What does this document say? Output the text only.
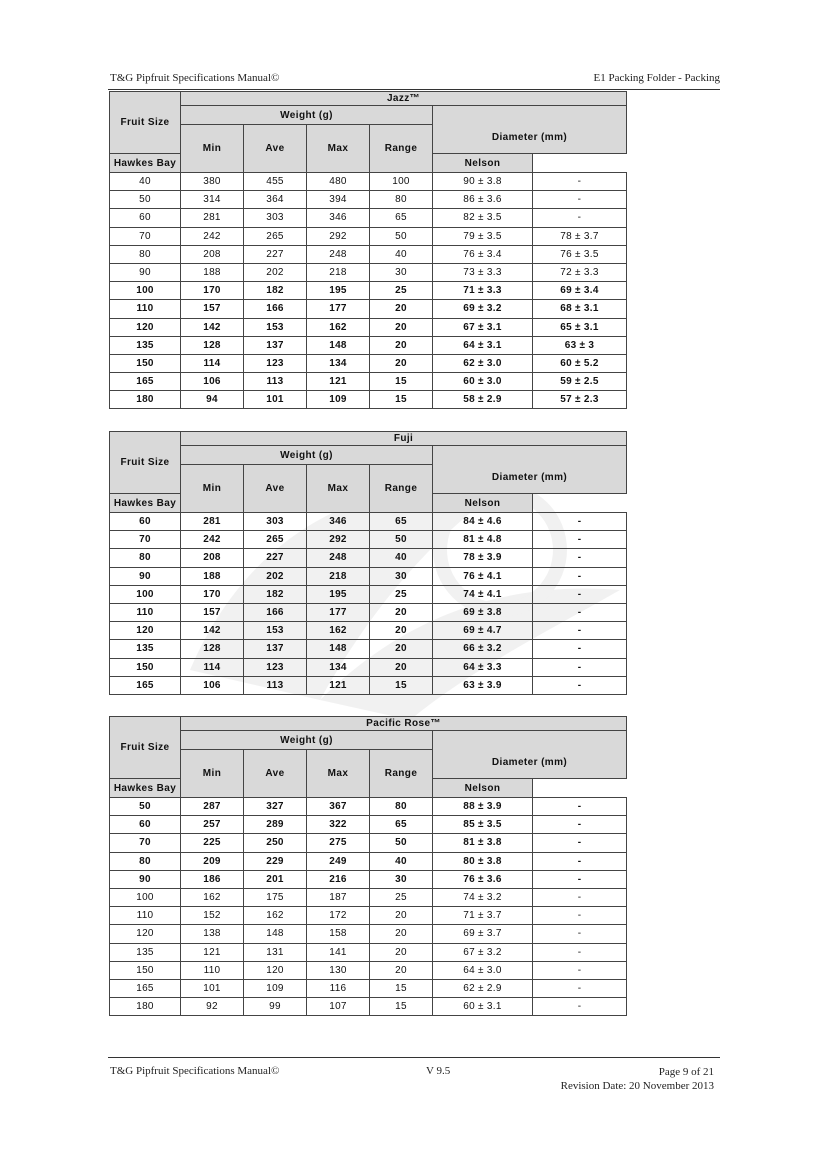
T&G Pipfruit Specifications Manual©	E1 Packing Folder - Packing
Fruit Size	Jazz™					
	Weight (g)				Diameter (mm)	
	Min	Ave	Max	Range		
Hawkes Bay					Nelson	
40	380	455	480	100	90 ± 3.8	-
50	314	364	394	80	86 ± 3.6	-
60	281	303	346	65	82 ± 3.5	-
70	242	265	292	50	79 ± 3.5	78 ± 3.7
80	208	227	248	40	76 ± 3.4	76 ± 3.5
90	188	202	218	30	73 ± 3.3	72 ± 3.3
100	170	182	195	25	71 ± 3.3	69 ± 3.4
110	157	166	177	20	69 ± 3.2	68 ± 3.1
120	142	153	162	20	67 ± 3.1	65 ± 3.1
135	128	137	148	20	64 ± 3.1	63 ± 3
150	114	123	134	20	62 ± 3.0	60 ± 5.2
165	106	113	121	15	60 ± 3.0	59 ± 2.5
180	94	101	109	15	58 ± 2.9	57 ± 2.3
Fruit Size	Fuji					
	Weight (g)				Diameter (mm)	
	Min	Ave	Max	Range		
Hawkes Bay					Nelson	
60	281	303	346	65	84 ± 4.6	-
70	242	265	292	50	81 ± 4.8	-
80	208	227	248	40	78 ± 3.9	-
90	188	202	218	30	76 ± 4.1	-
100	170	182	195	25	74 ± 4.1	-
110	157	166	177	20	69 ± 3.8	-
120	142	153	162	20	69 ± 4.7	-
135	128	137	148	20	66 ± 3.2	-
150	114	123	134	20	64 ± 3.3	-
165	106	113	121	15	63 ± 3.9	-
Fruit Size	Pacific Rose™					
	Weight (g)				Diameter (mm)	
	Min	Ave	Max	Range		
Hawkes Bay					Nelson	
50	287	327	367	80	88 ± 3.9	-
60	257	289	322	65	85 ± 3.5	-
70	225	250	275	50	81 ± 3.8	-
80	209	229	249	40	80 ± 3.8	-
90	186	201	216	30	76 ± 3.6	-
100	162	175	187	25	74 ± 3.2	-
110	152	162	172	20	71 ± 3.7	-
120	138	148	158	20	69 ± 3.7	-
135	121	131	141	20	67 ± 3.2	-
150	110	120	130	20	64 ± 3.0	-
165	101	109	116	15	62 ± 2.9	-
180	92	99	107	15	60 ± 3.1	-
T&G Pipfruit Specifications Manual©	V 9.5	Page 9 of 21
Revision Date: 20 November 2013
